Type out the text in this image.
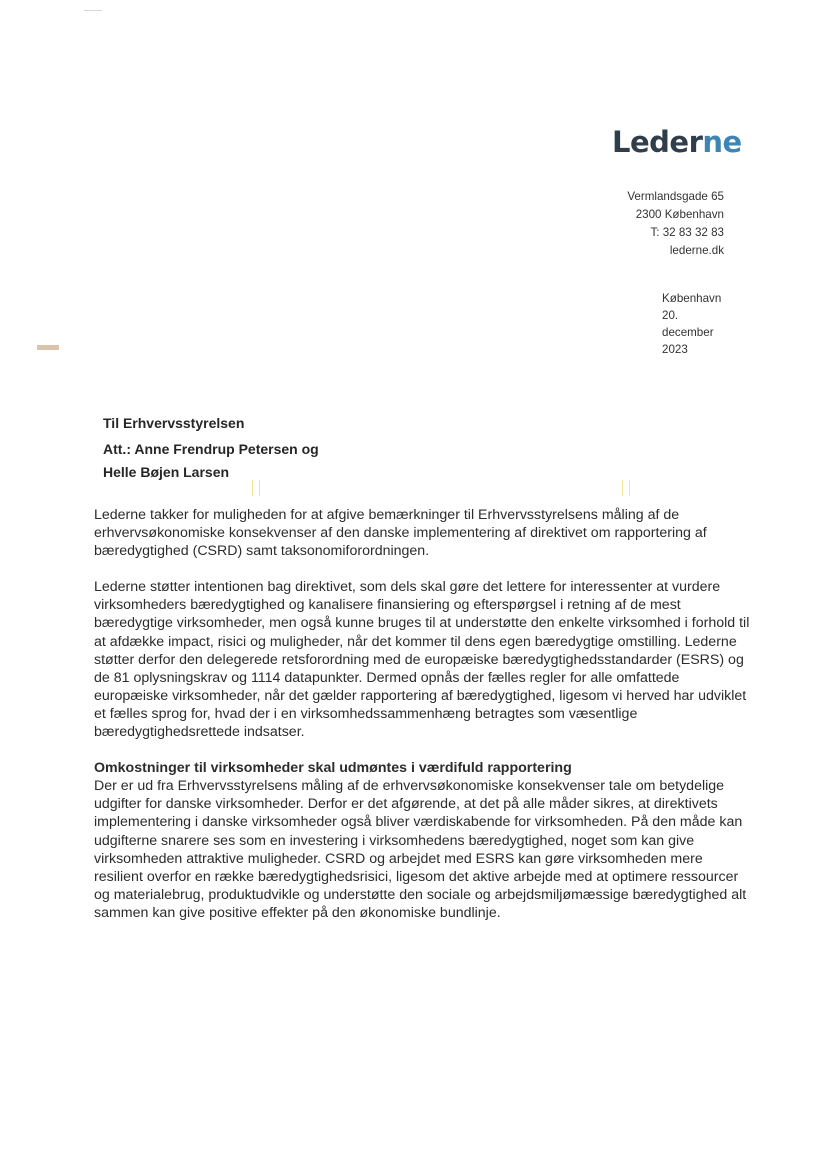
Lederne
Vermlandsgade 65
2300 København
T: 32 83 32 83
lederne.dk
København
20.
december
2023
Til Erhvervsstyrelsen
Att.: Anne Frendrup Petersen og
Helle Bøjen Larsen

Lederne takker for muligheden for at afgive bemærkninger til Erhvervsstyrelsens måling af de erhvervsøkonomiske konsekvenser af den danske implementering af direktivet om rapportering af bæredygtighed (CSRD) samt taksonomiforordningen.

Lederne støtter intentionen bag direktivet, som dels skal gøre det lettere for interessenter at vurdere virksomheders bæredygtighed og kanalisere finansiering og efterspørgsel i retning af de mest bæredygtige virksomheder, men også kunne bruges til at understøtte den enkelte virksomhed i forhold til at afdække impact, risici og muligheder, når det kommer til dens egen bæredygtige omstilling. Lederne støtter derfor den delegerede retsforordning med de europæiske bæredygtighedsstandarder (ESRS) og de 81 oplysningskrav og 1114 datapunkter. Dermed opnås der fælles regler for alle omfattede europæiske virksomheder, når det gælder rapportering af bæredygtighed, ligesom vi herved har udviklet et fælles sprog for, hvad der i en virksomhedssammenhæng betragtes som væsentlige bæredygtighedsrettede indsatser.

Omkostninger til virksomheder skal udmøntes i værdifuld rapportering

Der er ud fra Erhvervsstyrelsens måling af de erhvervsøkonomiske konsekvenser tale om betydelige udgifter for danske virksomheder. Derfor er det afgørende, at det på alle måder sikres, at direktivets implementering i danske virksomheder også bliver værdiskabende for virksomheden. På den måde kan udgifterne snarere ses som en investering i virksomhedens bæredygtighed, noget som kan give virksomheden attraktive muligheder. CSRD og arbejdet med ESRS kan gøre virksomheden mere resilient overfor en række bæredygtighedsrisici, ligesom det aktive arbejde med at optimere ressourcer og materialebrug, produktudvikle og understøtte den sociale og arbejdsmiljømæssige bæredygtighed alt sammen kan give positive effekter på den økonomiske bundlinje.
